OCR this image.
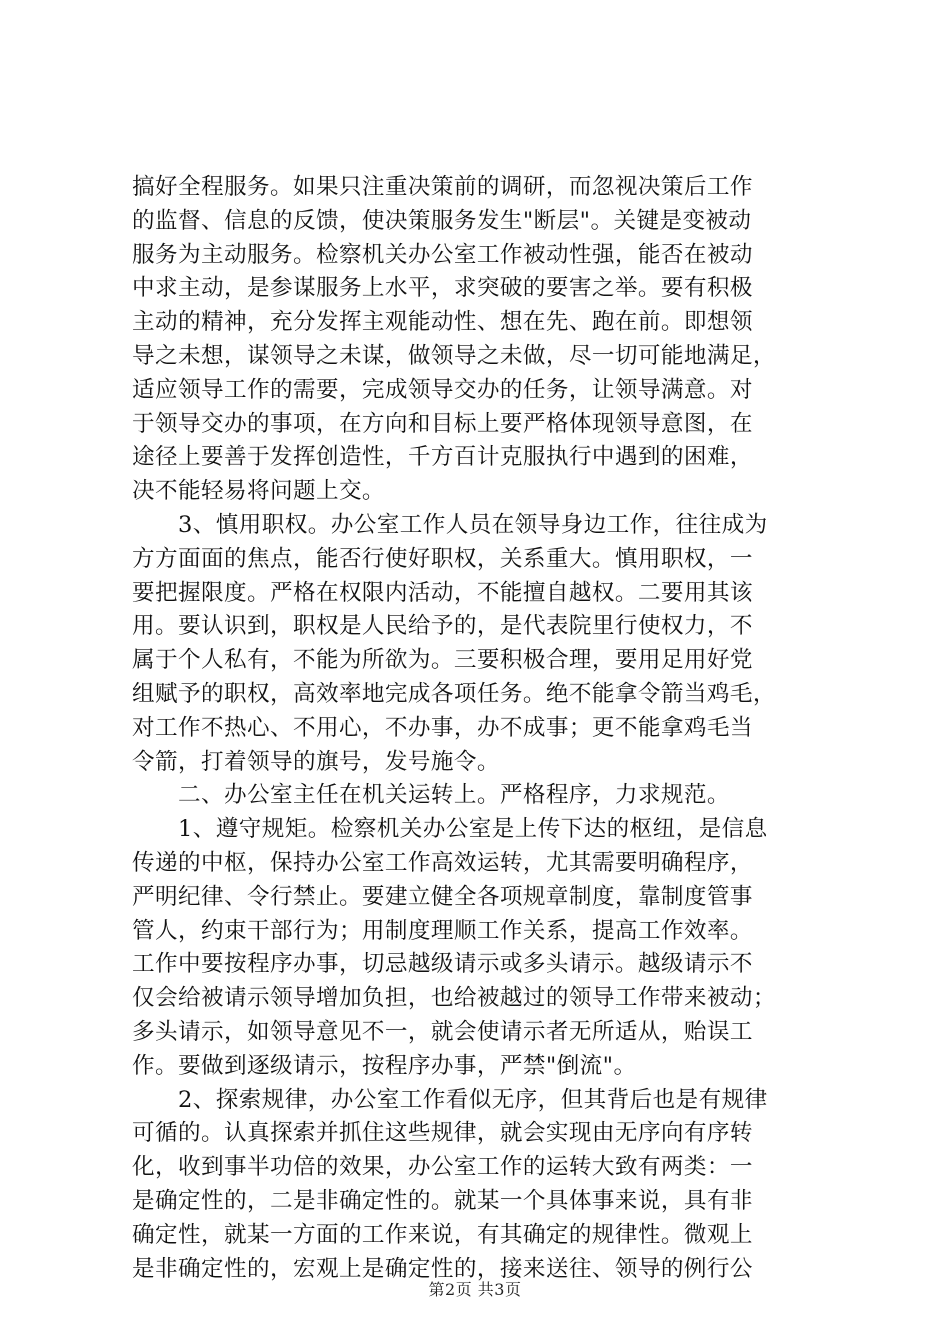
搞好全程服务。如果只注重决策前的调研，而忽视决策后工作
的监督、信息的反馈，使决策服务发生"断层"。关键是变被动
服务为主动服务。检察机关办公室工作被动性强，能否在被动
中求主动，是参谋服务上水平，求突破的要害之举。要有积极
主动的精神，充分发挥主观能动性、想在先、跑在前。即想领
导之未想，谋领导之未谋，做领导之未做，尽一切可能地满足，
适应领导工作的需要，完成领导交办的任务，让领导满意。对
于领导交办的事项，在方向和目标上要严格体现领导意图，在
途径上要善于发挥创造性，千方百计克服执行中遇到的困难，
决不能轻易将问题上交。
3、慎用职权。办公室工作人员在领导身边工作，往往成为
方方面面的焦点，能否行使好职权，关系重大。慎用职权，一
要把握限度。严格在权限内活动，不能擅自越权。二要用其该
用。要认识到，职权是人民给予的，是代表院里行使权力，不
属于个人私有，不能为所欲为。三要积极合理，要用足用好党
组赋予的职权，高效率地完成各项任务。绝不能拿令箭当鸡毛，
对工作不热心、不用心，不办事，办不成事；更不能拿鸡毛当
令箭，打着领导的旗号，发号施令。
二、办公室主任在机关运转上。严格程序，力求规范。
1、遵守规矩。检察机关办公室是上传下达的枢纽，是信息
传递的中枢，保持办公室工作高效运转，尤其需要明确程序，
严明纪律、令行禁止。要建立健全各项规章制度，靠制度管事
管人，约束干部行为；用制度理顺工作关系，提高工作效率。
工作中要按程序办事，切忌越级请示或多头请示。越级请示不
仅会给被请示领导增加负担，也给被越过的领导工作带来被动；
多头请示，如领导意见不一，就会使请示者无所适从，贻误工
作。要做到逐级请示，按程序办事，严禁"倒流"。
2、探索规律，办公室工作看似无序，但其背后也是有规律
可循的。认真探索并抓住这些规律，就会实现由无序向有序转
化，收到事半功倍的效果，办公室工作的运转大致有两类：一
是确定性的，二是非确定性的。就某一个具体事来说，具有非
确定性，就某一方面的工作来说，有其确定的规律性。微观上
是非确定性的，宏观上是确定性的，接来送往、领导的例行公
第2页 共3页
